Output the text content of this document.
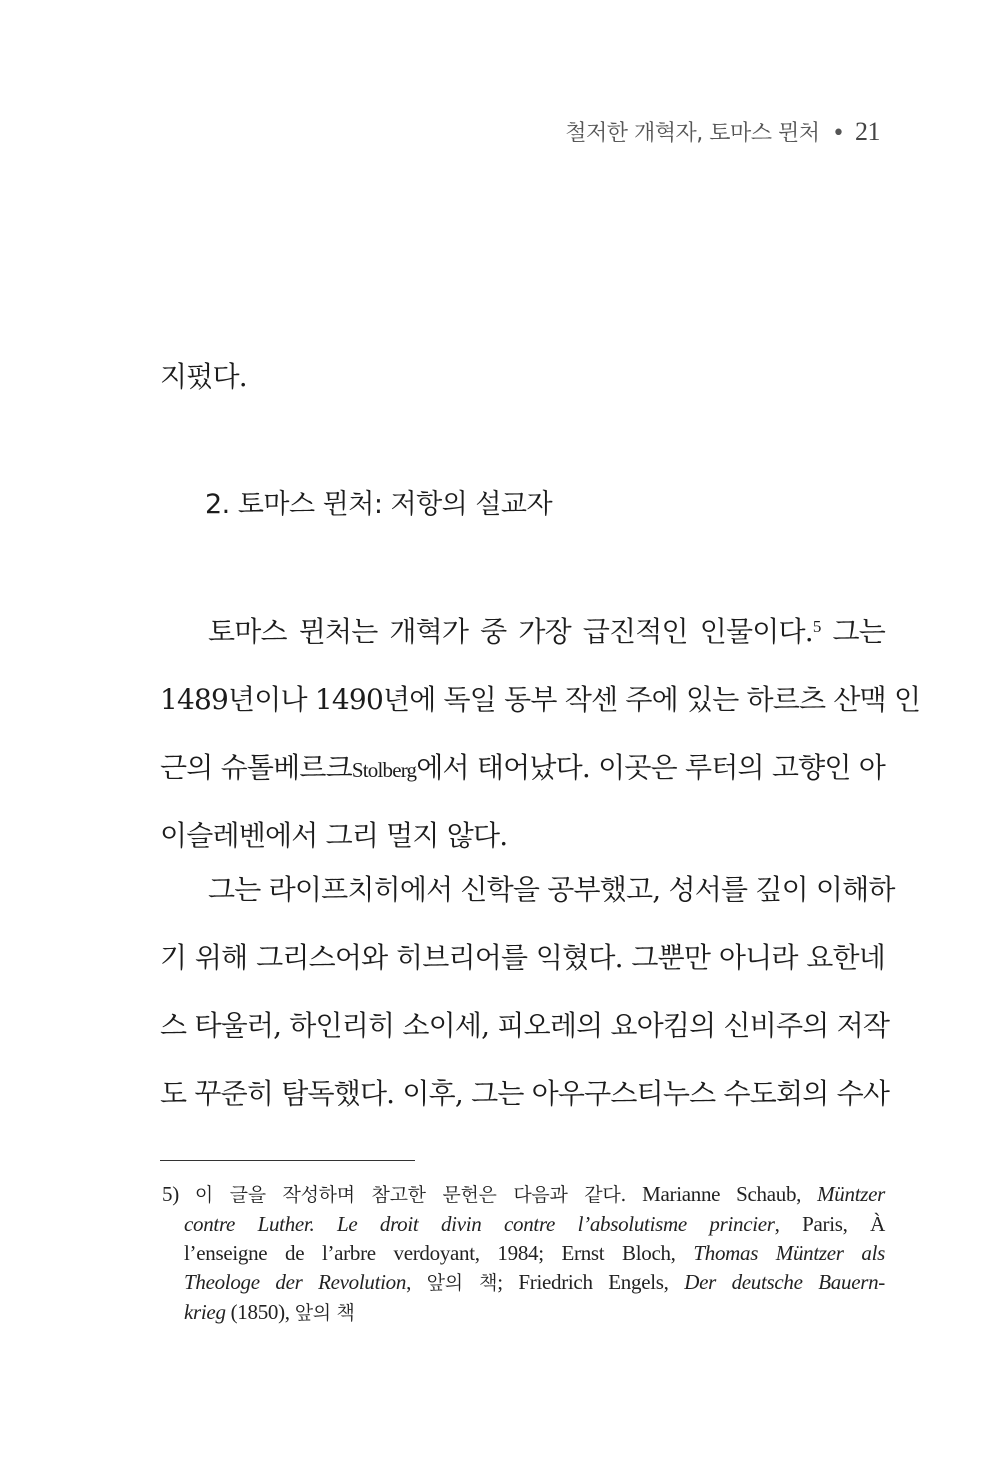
철저한 개혁자, 토마스 뮌처 • 21
지펐다.
2. 토마스 뮌처: 저항의 설교자
토마스 뮌처는 개혁가 중 가장 급진적인 인물이다.$^5$ 그는
1489년이나 1490년에 독일 동부 작센 주에 있는 하르츠 산맥 인
근의 슈톨베르크Stolberg에서 태어났다. 이곳은 루터의 고향인 아
이슬레벤에서 그리 멀지 않다.
그는 라이프치히에서 신학을 공부했고, 성서를 깊이 이해하
기 위해 그리스어와 히브리어를 익혔다. 그뿐만 아니라 요한네
스 타울러, 하인리히 소이세, 피오레의 요아킴의 신비주의 저작
도 꾸준히 탐독했다. 이후, 그는 아우구스티누스 수도회의 수사
5) 이 글을 작성하며 참고한 문헌은 다음과 같다. Marianne Schaub, Müntzer
contre Luther. Le droit divin contre l’absolutisme princier, Paris, À
l’enseigne de l’arbre verdoyant, 1984; Ernst Bloch, Thomas Müntzer als
Theologe der Revolution, 앞의 책; Friedrich Engels, Der deutsche Bauern-
krieg (1850), 앞의 책
